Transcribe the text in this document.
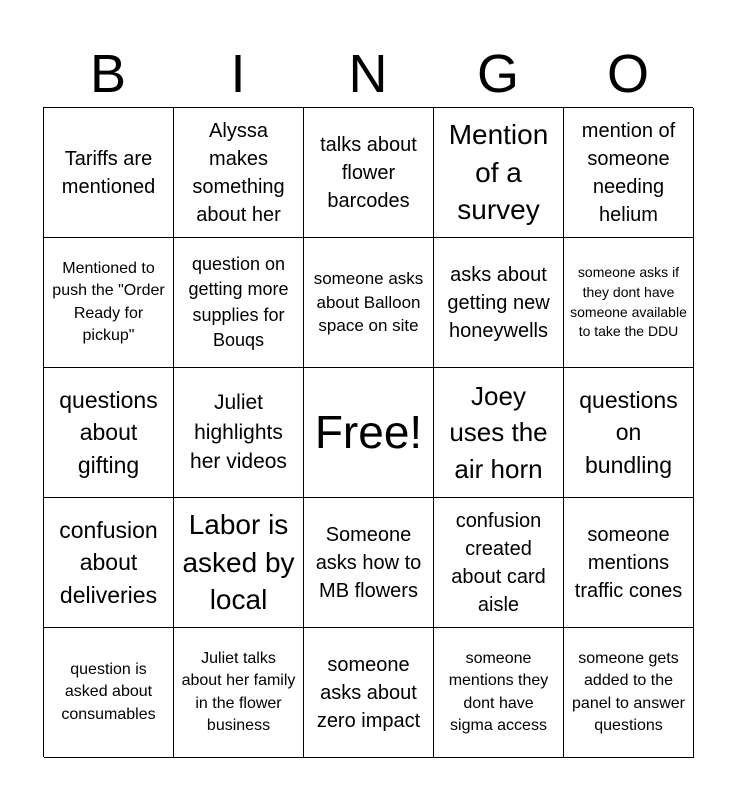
B	I	N	G	O
Tariffs are mentioned
Alyssa makes something about her
talks about flower barcodes
Mention of a survey
mention of someone needing helium
Mentioned to push the "Order Ready for pickup"
question on getting more supplies for Bouqs
someone asks about Balloon space on site
asks about getting new honeywells
someone asks if they dont have someone available to take the DDU
questions about gifting
Juliet highlights her videos
Free!
Joey uses the air horn
questions on bundling
confusion about deliveries
Labor is asked by local
Someone asks how to MB flowers
confusion created about card aisle
someone mentions traffic cones
question is asked about consumables
Juliet talks about her family in the flower business
someone asks about zero impact
someone mentions they dont have sigma access
someone gets added to the panel to answer questions
